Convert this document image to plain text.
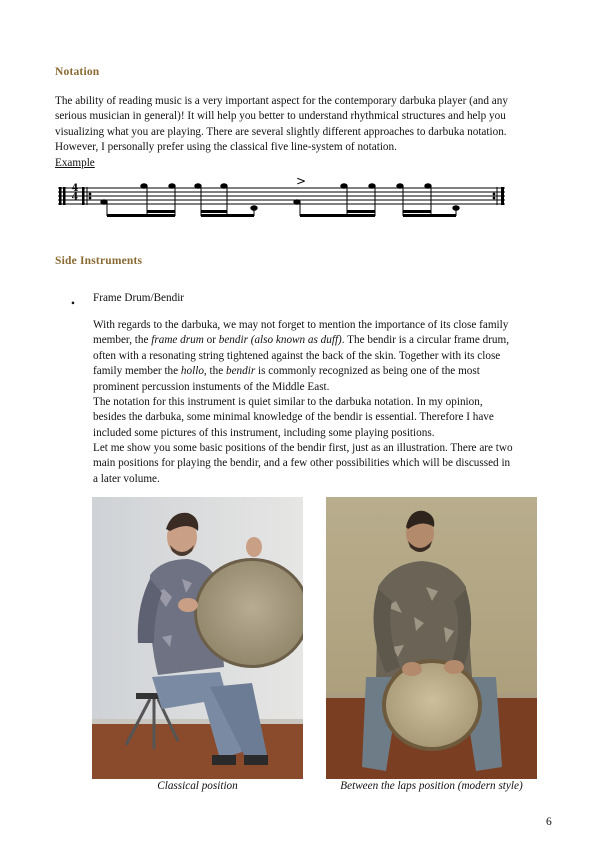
Notation
The ability of reading music is a very important aspect for the contemporary darbuka player (and any
serious musician in general)! It will help you better to understand rhythmical structures and help you
visualizing what you are playing. There are several slightly different approaches to darbuka notation.
However, I personally prefer using the classical five line-system of notation.
Example
>
4
4
Side Instruments
• Frame Drum/Bendir
With regards to the darbuka, we may not forget to mention the importance of its close family
member, the frame drum or bendir (also known as duff). The bendir is a circular frame drum,
often with a resonating string tightened against the back of the skin. Together with its close
family member the hollo, the bendir is commonly recognized as being one of the most
prominent percussion instuments of the Middle East.
The notation for this instrument is quiet similar to the darbuka notation. In my opinion,
besides the darbuka, some minimal knowledge of the bendir is essential. Therefore I have
included some pictures of this instrument, including some playing positions.
Let me show you some basic positions of the bendir first, just as an illustration. There are two
main positions for playing the bendir, and a few other possibilities which will be discussed in
a later volume.
Classical position	Between the laps position (modern style)
6
